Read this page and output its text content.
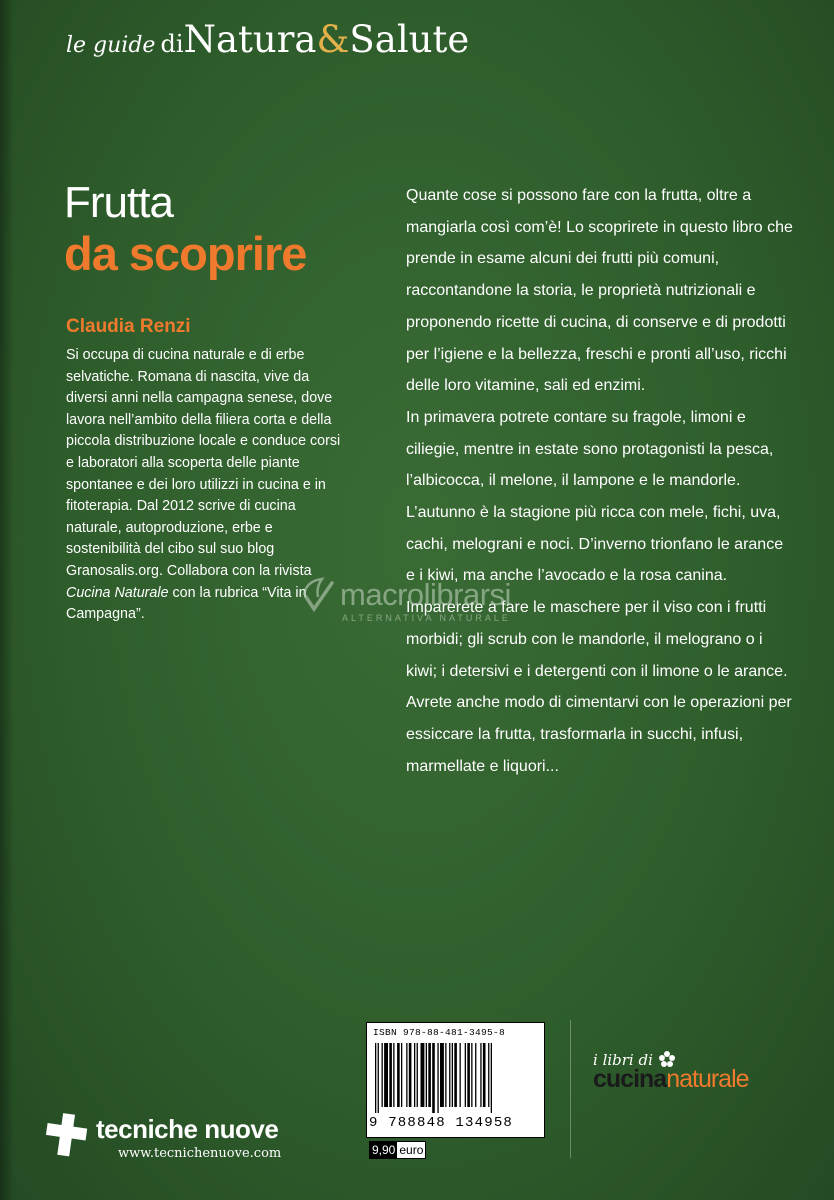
le guide diNatura&Salute
Frutta
da scoprire
Claudia Renzi
Si occupa di cucina naturale e di erbe selvatiche. Romana di nascita, vive da diversi anni nella campagna senese, dove lavora nell’ambito della filiera corta e della piccola distribuzione locale e conduce corsi e laboratori alla scoperta delle piante spontanee e dei loro utilizzi in cucina e in fitoterapia. Dal 2012 scrive di cucina naturale, autoproduzione, erbe e sostenibilità del cibo sul suo blog Granosalis.org. Collabora con la rivista Cucina Naturale con la rubrica “Vita in Campagna”.

Quante cose si possono fare con la frutta, oltre a mangiarla così com’è! Lo scoprirete in questo libro che prende in esame alcuni dei frutti più comuni, raccontandone la storia, le proprietà nutrizionali e proponendo ricette di cucina, di conserve e di prodotti per l’igiene e la bellezza, freschi e pronti all’uso, ricchi delle loro vitamine, sali ed enzimi.

In primavera potrete contare su fragole, limoni e ciliegie, mentre in estate sono protagonisti la pesca, l’albicocca, il melone, il lampone e le mandorle. L’autunno è la stagione più ricca con mele, fichi, uva, cachi, melograni e noci. D’inverno trionfano le arance e i kiwi, ma anche l’avocado e la rosa canina. Imparerete a fare le maschere per il viso con i frutti morbidi; gli scrub con le mandorle, il melograno o i kiwi; i detersivi e i detergenti con il limone o le arance. Avrete anche modo di cimentarvi con le operazioni per essiccare la frutta, trasformarla in succhi, infusi, marmellate e liquori...

macrolibrarsi
ALTERNATIVA NATURALE
ISBN 978-88-481-3495-8
9 788848 134958
9,90 euro
i libri di
cucinanaturale
tecniche nuove
www.tecnichenuove.com
